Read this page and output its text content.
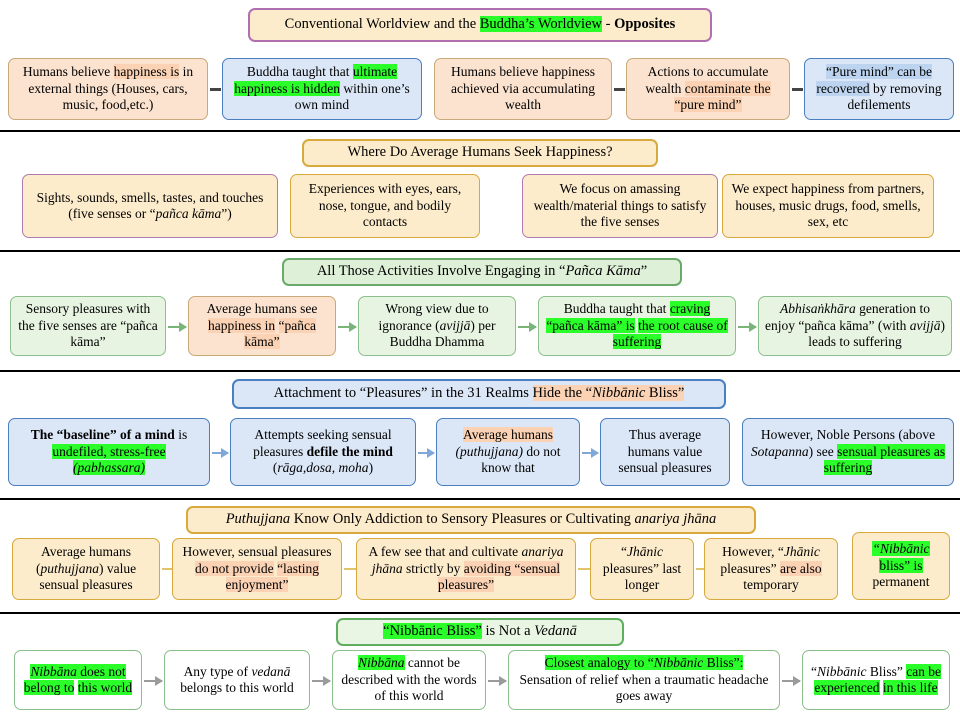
Conventional Worldview and the Buddha’s Worldview - Opposites
Humans believe happiness is in external things (Houses, cars, music, food,etc.)
Buddha taught that ultimate happiness is hidden within one’s own mind
Humans believe happiness achieved via accumulating wealth
Actions to accumulate wealth contaminate the “pure mind”
“Pure mind” can be recovered by removing defilements
Where Do Average Humans Seek Happiness?
Sights, sounds, smells, tastes, and touches (five senses or “pañca kāma”)
Experiences with eyes, ears, nose, tongue, and bodily contacts
We focus on amassing wealth/material things to satisfy the five senses
We expect happiness from partners, houses, music drugs, food, smells, sex, etc
All Those Activities Involve Engaging in “Pañca Kāma”
Sensory pleasures with the five senses are “pañca kāma”
Average humans see happiness in “pañca kāma”
Wrong view due to ignorance (avijjā) per Buddha Dhamma
Buddha taught that craving “pañca kāma” is the root cause of suffering
Abhisaṅkhāra generation to enjoy “pañca kāma” (with avijjā) leads to suffering
Attachment to “Pleasures” in the 31 Realms Hide the “Nibbānic Bliss”
The “baseline” of a mind is undefiled, stress-free (pabhassara)
Attempts seeking sensual pleasures defile the mind (rāga,dosa, moha)
Average humans
(puthujjana) do not know that
Thus average humans value sensual pleasures
However, Noble Persons (above Sotapanna) see sensual pleasures as suffering
Puthujjana Know Only Addiction to Sensory Pleasures or Cultivating anariya jhāna
Average humans (puthujjana) value sensual pleasures
However, sensual pleasures do not provide “lasting enjoyment”
A few see that and cultivate anariya jhāna strictly by avoiding “sensual pleasures”
“Jhānic pleasures” last longer
However, “Jhānic pleasures” are also temporary
“Nibbānic bliss” is permanent
“Nibbānic Bliss” is Not a Vedanā
Nibbāna does not belong to this world
Any type of vedanā belongs to this world
Nibbāna cannot be described with the words of this world
Closest analogy to “Nibbānic Bliss”:
Sensation of relief when a traumatic headache goes away
“Nibbānic Bliss” can be experienced in this life
